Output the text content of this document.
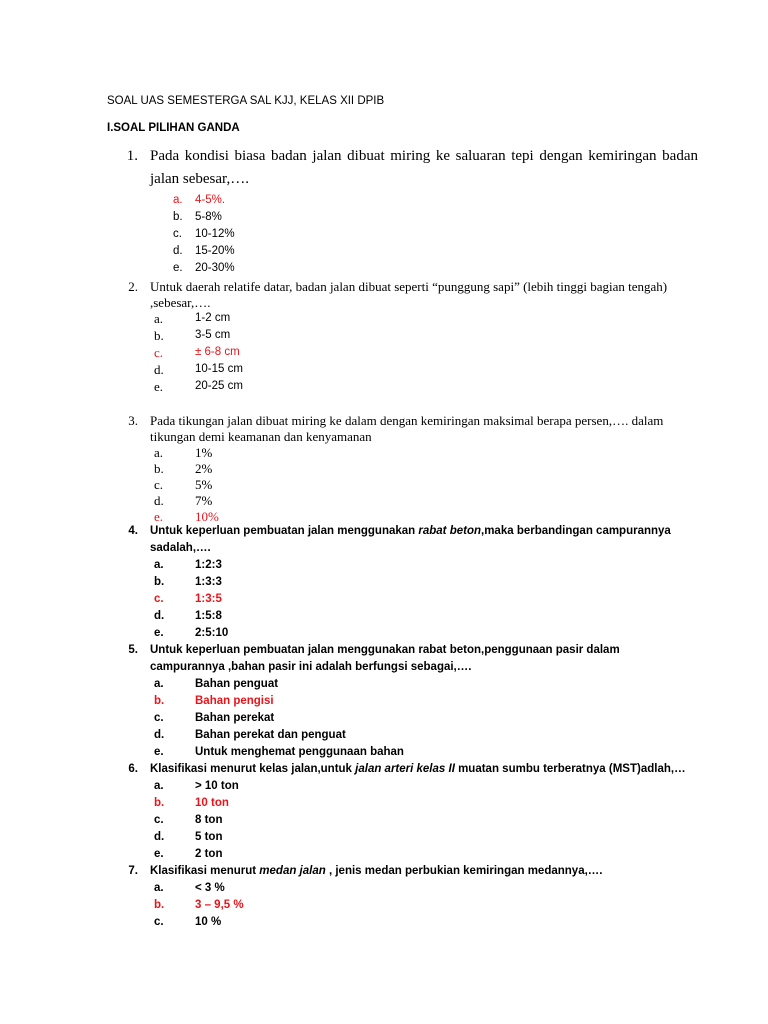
SOAL UAS SEMESTERGA SAL KJJ, KELAS XII DPIB
I.SOAL PILIHAN GANDA
1. Pada kondisi biasa badan jalan dibuat miring ke saluaran tepi dengan kemiringan badan
jalan sebesar,….
a. 4-5%.
b. 5-8%
c. 10-12%
d. 15-20%
e. 20-30%
2. Untuk daerah relatife datar, badan jalan dibuat seperti “punggung sapi” (lebih tinggi bagian tengah)
,sebesar,….
a.	1-2 cm
b.	3-5 cm
c.	± 6-8 cm
d.	10-15 cm
e.	20-25 cm
3. Pada tikungan jalan dibuat miring ke dalam dengan kemiringan maksimal berapa persen,…. dalam
tikungan demi keamanan dan kenyamanan
a. 1%
b. 2%
c. 5%
d. 7%
e. 10%
4. Untuk keperluan pembuatan jalan menggunakan rabat beton,maka berbandingan campurannya
sadalah,….
a.	1:2:3
b.	1:3:3
c.	1:3:5
d.	1:5:8
e.	2:5:10
5. Untuk keperluan pembuatan jalan menggunakan rabat beton,penggunaan pasir dalam
campurannya ,bahan pasir ini adalah berfungsi sebagai,….
a.	Bahan penguat
b.	Bahan pengisi
c.	Bahan perekat
d.	Bahan perekat dan penguat
e.	Untuk menghemat penggunaan bahan
6. Klasifikasi menurut kelas jalan,untuk jalan arteri kelas II muatan sumbu terberatnya (MST)adlah,…
a.	> 10 ton
b.	10 ton
c.	8 ton
d.	5 ton
e.	2 ton
7. Klasifikasi menurut medan jalan , jenis medan perbukian kemiringan medannya,….
a.	< 3 %
b.	3 – 9,5 %
c.	10 %
